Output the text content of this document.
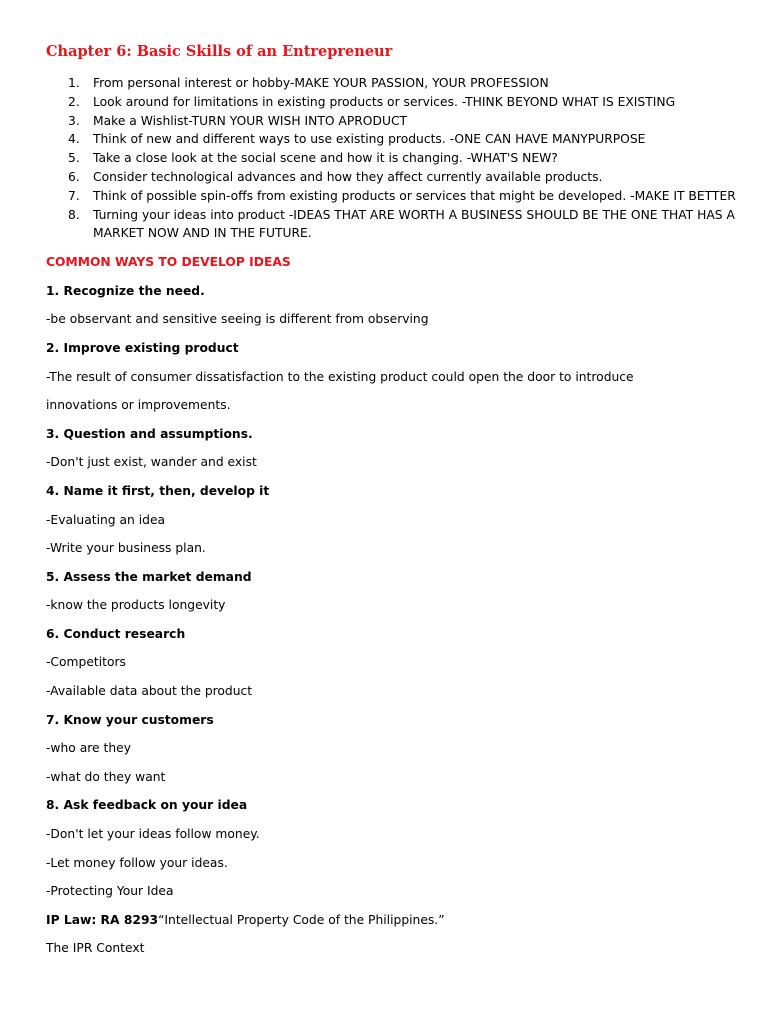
Chapter 6: Basic Skills of an Entrepreneur
1.	From personal interest or hobby-MAKE YOUR PASSION, YOUR PROFESSION
2.	Look around for limitations in existing products or services. -THINK BEYOND WHAT IS EXISTING
3.	Make a Wishlist-TURN YOUR WISH INTO APRODUCT
4.	Think of new and different ways to use existing products. -ONE CAN HAVE MANYPURPOSE
5.	Take a close look at the social scene and how it is changing. -WHAT'S NEW?
6.	Consider technological advances and how they affect currently available products.
7.	Think of possible spin-offs from existing products or services that might be developed. -MAKE IT BETTER
8.	Turning your ideas into product -IDEAS THAT ARE WORTH A BUSINESS SHOULD BE THE ONE THAT HAS A MARKET NOW AND IN THE FUTURE.
COMMON WAYS TO DEVELOP IDEAS
1. Recognize the need.
-be observant and sensitive seeing is different from observing
2. Improve existing product
-The result of consumer dissatisfaction to the existing product could open the door to introduce
innovations or improvements.
3. Question and assumptions.
-Don't just exist, wander and exist
4. Name it first, then, develop it
-Evaluating an idea
-Write your business plan.
5. Assess the market demand
-know the products longevity
6. Conduct research
-Competitors
-Available data about the product
7. Know your customers
-who are they
-what do they want
8. Ask feedback on your idea
-Don't let your ideas follow money.
-Let money follow your ideas.
-Protecting Your Idea
IP Law: RA 8293“Intellectual Property Code of the Philippines.”
The IPR Context
